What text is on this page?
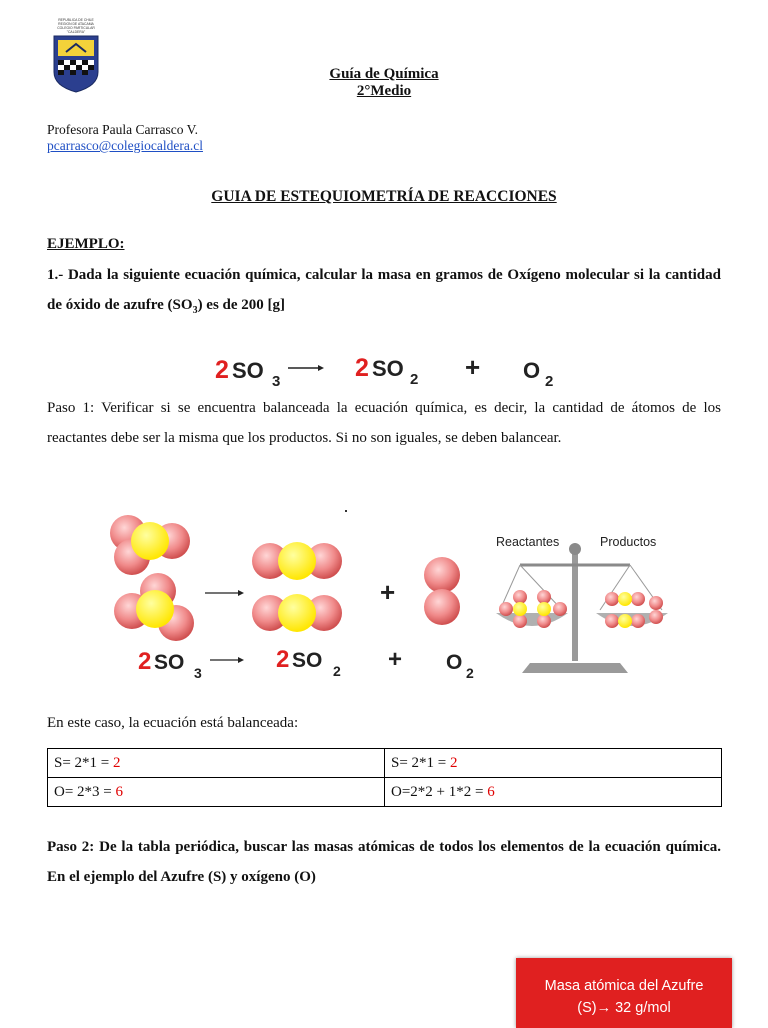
REPUBLICA DE CHILE
REGION DE ATACAMA
COLEGIO PARTICULAR
"CALDERA"
Guía de Química
2°Medio
Profesora Paula Carrasco V.
pcarrasco@colegiocaldera.cl
GUIA DE ESTEQUIOMETRÍA DE REACCIONES
EJEMPLO:
1.- Dada la siguiente ecuación química, calcular la masa en gramos de Oxígeno molecular si la cantidad de óxido de azufre $(SO_3)$ es de 200 [g]
2 SO 3	2 SO 2 + O 2
Paso 1: Verificar si se encuentra balanceada la ecuación química, es decir, la cantidad de átomos de los reactantes debe ser la misma que los productos. Si no son iguales, se deben balancear.
+
2 SO 3	2 SO 2 + O 2
Reactantes	Productos
En este caso, la ecuación está balanceada:
S= 2*1 = 2	S= 2*1 = 2
O= 2*3 = 6	O=2*2 + 1*2 = 6
Paso 2: De la tabla periódica, buscar las masas atómicas de todos los elementos de la ecuación química. En el ejemplo del Azufre (S) y oxígeno (O)
Masa atómica del Azufre
(S)→ 32 g/mol
